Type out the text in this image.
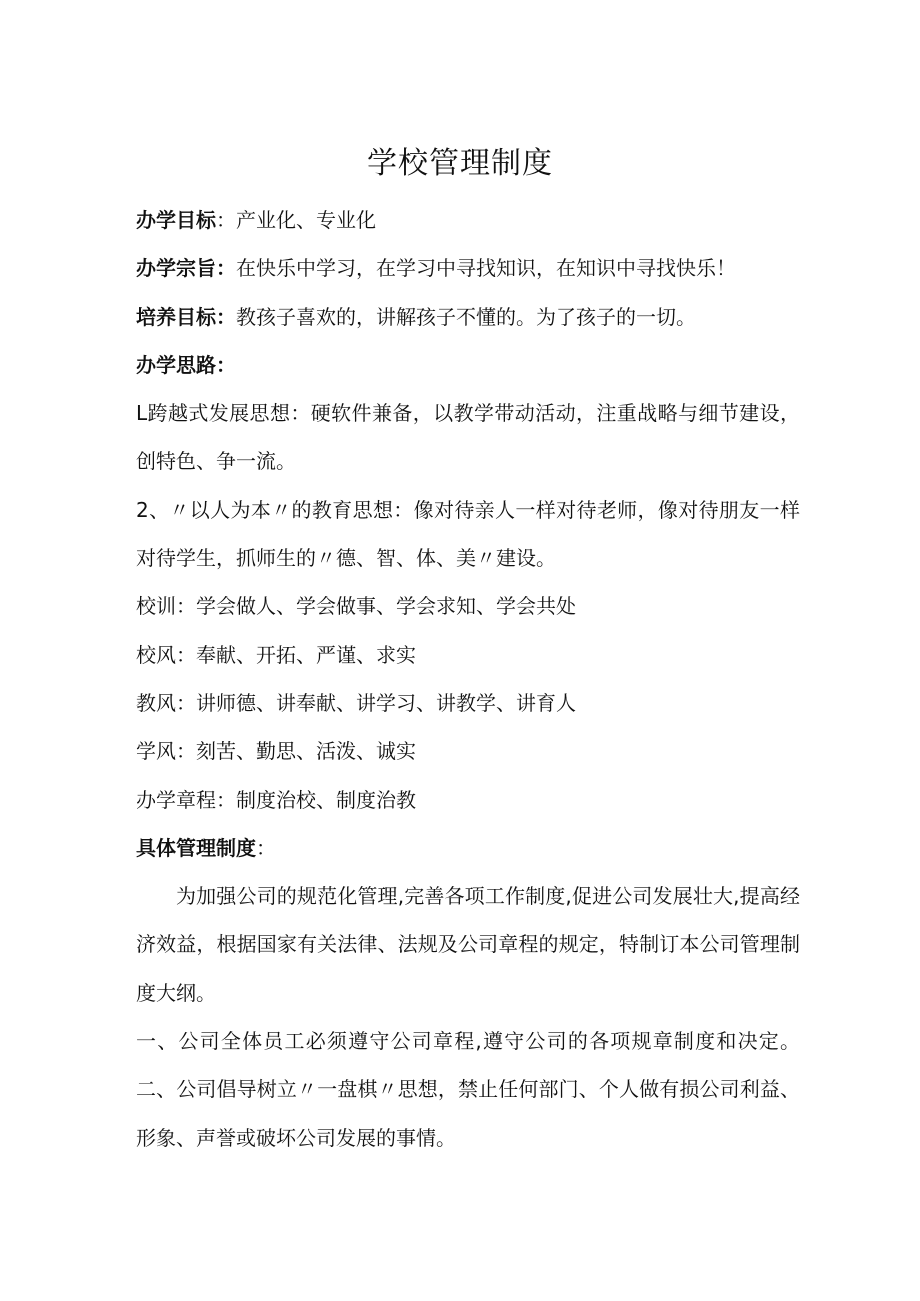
学校管理制度

办学目标：产业化、专业化

办学宗旨：在快乐中学习，在学习中寻找知识，在知识中寻找快乐！

培养目标：教孩子喜欢的，讲解孩子不懂的。为了孩子的一切。

办学思路：

L跨越式发展思想：硬软件兼备，以教学带动活动，注重战略与细节建设，创特色、争一流。

2、〃以人为本〃的教育思想：像对待亲人一样对待老师，像对待朋友一样对待学生，抓师生的〃德、智、体、美〃建设。

校训：学会做人、学会做事、学会求知、学会共处

校风：奉献、开拓、严谨、求实

教风：讲师德、讲奉献、讲学习、讲教学、讲育人

学风：刻苦、勤思、活泼、诚实

办学章程：制度治校、制度治教

具体管理制度：

为加强公司的规范化管理,完善各项工作制度,促进公司发展壮大,提高经济效益，根据国家有关法律、法规及公司章程的规定，特制订本公司管理制度大纲。

一、公司全体员工必须遵守公司章程,遵守公司的各项规章制度和决定。二、公司倡导树立〃一盘棋〃思想，禁止任何部门、个人做有损公司利益、形象、声誉或破坏公司发展的事情。
